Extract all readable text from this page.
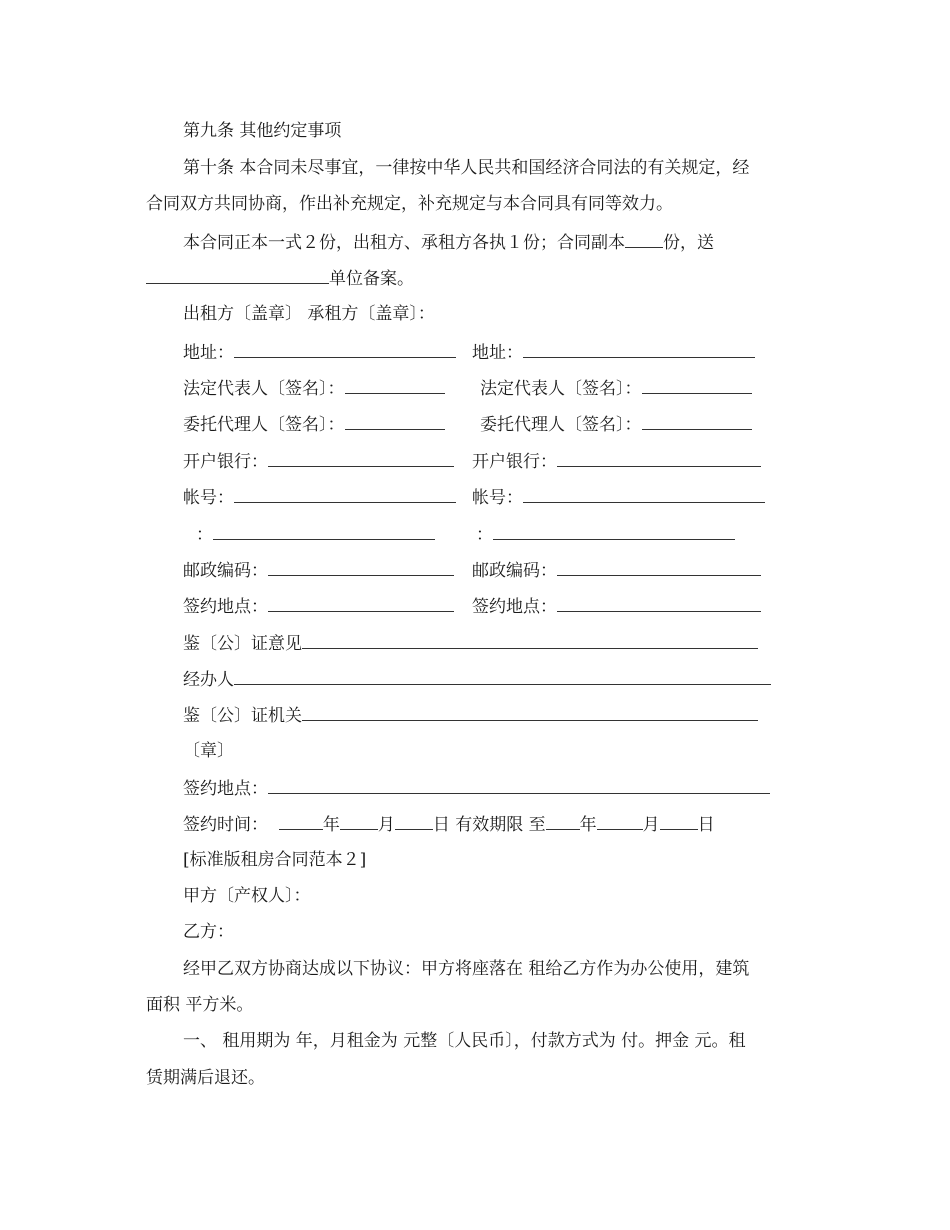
第九条 其他约定事项
第十条 本合同未尽事宜，一律按中华人民共和国经济合同法的有关规定，经
合同双方共同协商，作出补充规定，补充规定与本合同具有同等效力。
本合同正本一式２份，出租方、承租方各执１份；合同副本 份，送
单位备案。
出租方〔盖章〕 承租方〔盖章〕：
地址：	地址：
法定代表人〔签名〕：	法定代表人〔签名〕：
委托代理人〔签名〕：	委托代理人〔签名〕：
开户银行：	开户银行：
帐号：	帐号：
：	：
邮政编码：	邮政编码：
签约地点：	签约地点：
鉴〔公〕证意见
经办人
鉴〔公〕证机关
〔章〕
签约地点：
签约时间：	年 月 日 有效期限 至 年	月 日
[标准版租房合同范本２]
甲方〔产权人〕：
乙方：
经甲乙双方协商达成以下协议：甲方将座落在 租给乙方作为办公使用，建筑
面积 平方米。
一、 租用期为 年，月租金为 元整〔人民币〕，付款方式为 付。押金 元。租
赁期满后退还。
